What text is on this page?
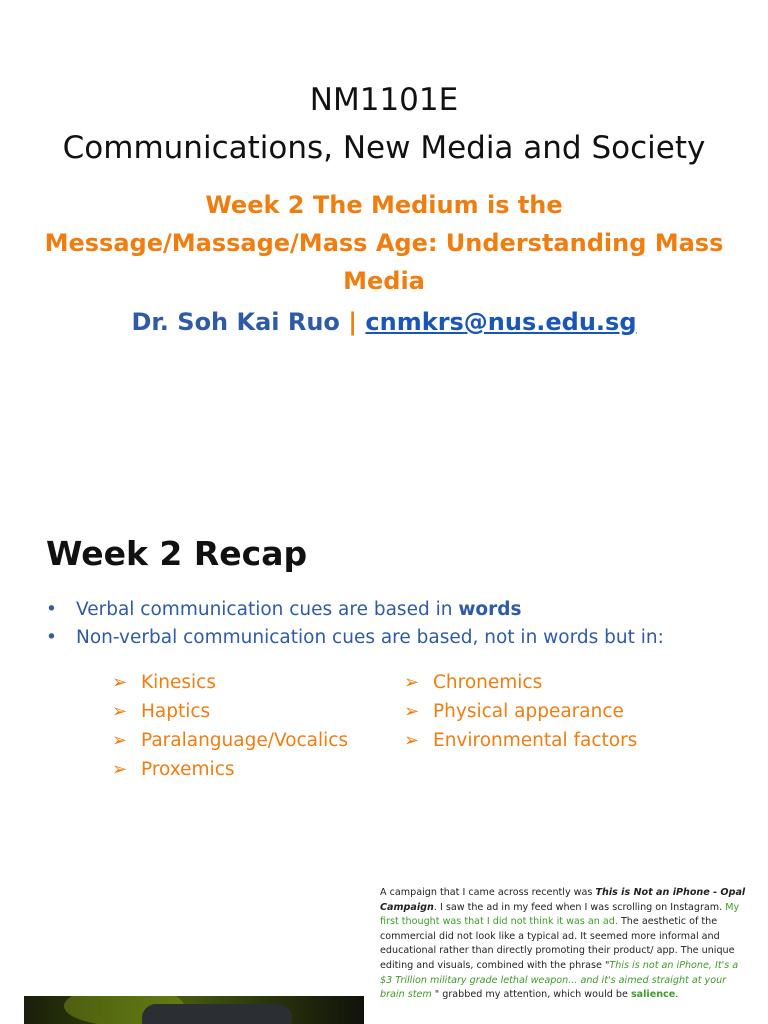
NM1101E
Communications, New Media and Society
Week 2 The Medium is the Message/Massage/Mass Age: Understanding Mass Media
Dr. Soh Kai Ruo | cnmkrs@nus.edu.sg
Week 2 Recap
• Verbal communication cues are based in words
• Non-verbal communication cues are based, not in words but in:
➢ Kinesics
➢ Haptics
➢ Paralanguage/Vocalics
➢ Proxemics
➢ Chronemics
➢ Physical appearance
➢ Environmental factors
A campaign that I came across recently was This is Not an iPhone - Opal Campaign. I saw the ad in my feed when I was scrolling on Instagram. My first thought was that I did not think it was an ad. The aesthetic of the commercial did not look like a typical ad. It seemed more informal and educational rather than directly promoting their product/ app. The unique editing and visuals, combined with the phrase "This is not an iPhone, It's a $3 Trillion military grade lethal weapon... and it's aimed straight at your brain stem " grabbed my attention, which would be salience.
